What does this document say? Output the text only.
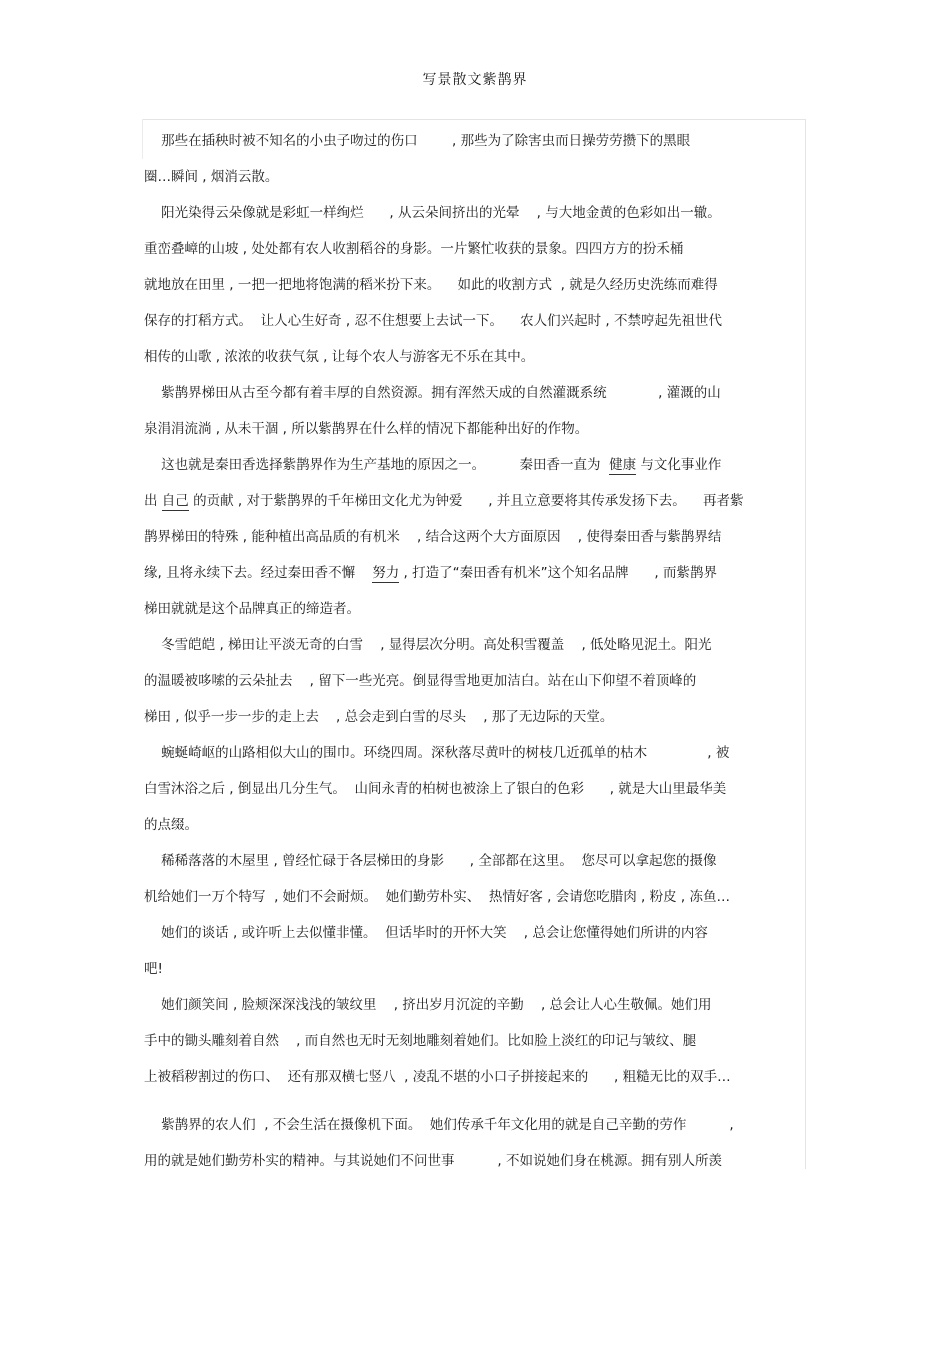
写景散文紫鹊界
那些在插秧时被不知名的小虫子吻过的伤口        , 那些为了除害虫而日操劳劳攒下的黑眼
圈…瞬间 , 烟消云散。
阳光染得云朵像就是彩虹一样绚烂      , 从云朵间挤出的光晕    , 与大地金黄的色彩如出一辙。
重峦叠嶂的山坡 , 处处都有农人收割稻谷的身影。一片繁忙收获的景象。四四方方的扮禾桶
就地放在田里 , 一把一把地将饱满的稻米扮下来。    如此的收割方式  , 就是久经历史洗练而难得
保存的打稻方式。  让人心生好奇 , 忍不住想要上去试一下。    农人们兴起时 , 不禁哼起先祖世代
相传的山歌 , 浓浓的收获气氛 , 让每个农人与游客无不乐在其中。
紫鹊界梯田从古至今都有着丰厚的自然资源。拥有浑然天成的自然灌溉系统            , 灌溉的山
泉涓涓流淌 , 从未干涸 , 所以紫鹊界在什么样的情况下都能种出好的作物。
这也就是秦田香选择紫鹊界作为生产基地的原因之一。        秦田香一直为  健康 与文化事业作
出 自己 的贡献 , 对于紫鹊界的千年梯田文化尤为钟爱      , 并且立意要将其传承发扬下去。    再者紫
鹊界梯田的特殊 , 能种植出高品质的有机米    , 结合这两个大方面原因    , 使得秦田香与紫鹊界结
缘, 且将永续下去。经过秦田香不懈    努力 , 打造了“秦田香有机米”这个知名品牌      , 而紫鹊界
梯田就就是这个品牌真正的缔造者。
冬雪皑皑 , 梯田让平淡无奇的白雪    , 显得层次分明。高处积雪覆盖    , 低处略见泥土。阳光
的温暖被哆嗦的云朵扯去    , 留下一些光亮。倒显得雪地更加洁白。站在山下仰望不着顶峰的
梯田 , 似乎一步一步的走上去    , 总会走到白雪的尽头    , 那了无边际的天堂。
蜿蜒崎岖的山路相似大山的围巾。环绕四周。深秋落尽黄叶的树枝几近孤单的枯木              , 被
白雪沐浴之后 , 倒显出几分生气。  山间永青的柏树也被涂上了银白的色彩      , 就是大山里最华美
的点缀。
稀稀落落的木屋里 , 曾经忙碌于各层梯田的身影      , 全部都在这里。  您尽可以拿起您的摄像
机给她们一万个特写  , 她们不会耐烦。  她们勤劳朴实、  热情好客 , 会请您吃腊肉 , 粉皮 , 冻鱼…
她们的谈话 , 或许听上去似懂非懂。  但话毕时的开怀大笑    , 总会让您懂得她们所讲的内容
吧!
她们颜笑间 , 脸颊深深浅浅的皱纹里    , 挤出岁月沉淀的辛勤    , 总会让人心生敬佩。她们用
手中的锄头雕刻着自然    , 而自然也无时无刻地雕刻着她们。比如脸上淡红的印记与皱纹、腿
上被稻秽割过的伤口、  还有那双横七竖八  , 凌乱不堪的小口子拼接起来的      , 粗糙无比的双手…
紫鹊界的农人们  , 不会生活在摄像机下面。  她们传承千年文化用的就是自己辛勤的劳作          ,
用的就是她们勤劳朴实的精神。与其说她们不问世事          , 不如说她们身在桃源。拥有别人所羡
